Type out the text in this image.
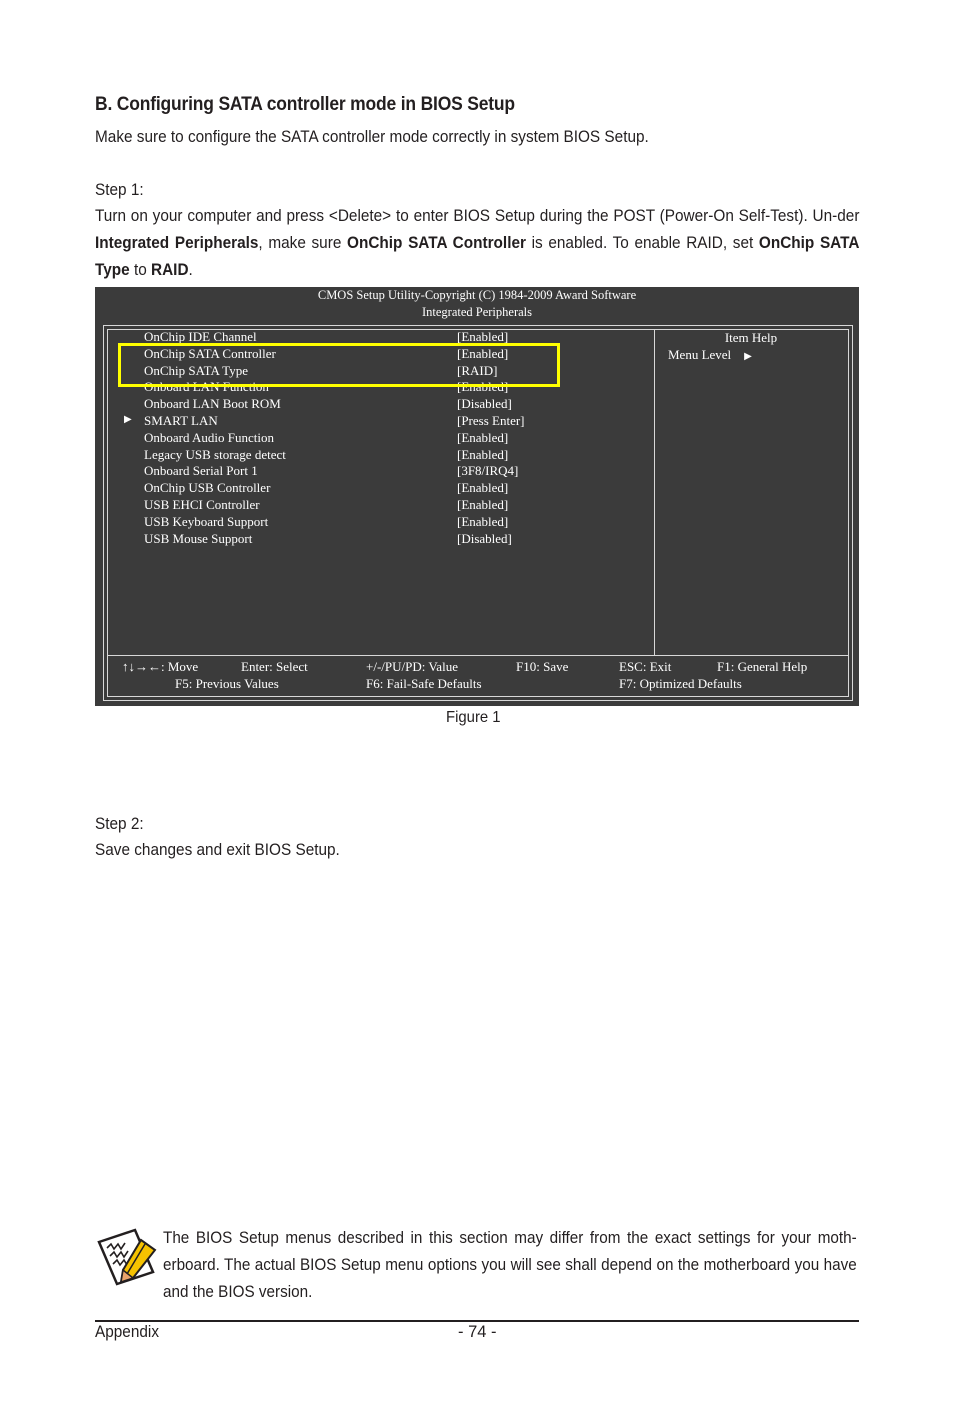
B. Configuring SATA controller mode in BIOS Setup
Make sure to configure the SATA controller mode correctly in system BIOS Setup.
Step 1:
Turn on your computer and press <Delete> to enter BIOS Setup during the POST (Power-On Self-Test). Un-der Integrated Peripherals, make sure OnChip SATA Controller is enabled. To enable RAID, set OnChip SATA Type to RAID.
CMOS Setup Utility-Copyright (C) 1984-2009 Award Software
Integrated Peripherals
OnChip IDE Channel	[Enabled]
OnChip SATA Controller	[Enabled]
OnChip SATA Type	[RAID]
Onboard LAN Function	[Enabled]
Onboard LAN Boot ROM	[Disabled]
▶ SMART LAN	[Press Enter]
Onboard Audio Function	[Enabled]
Legacy USB storage detect	[Enabled]
Onboard Serial Port 1	[3F8/IRQ4]
OnChip USB Controller	[Enabled]
USB EHCI Controller	[Enabled]
USB Keyboard Support	[Enabled]
USB Mouse Support	[Disabled]
Item Help
Menu Level ▶
↑↓→←: Move	Enter: Select	+/-/PU/PD: Value	F10: Save	ESC: Exit	F1: General Help
F5: Previous Values	F6: Fail-Safe Defaults	F7: Optimized Defaults
Figure 1
Step 2:
Save changes and exit BIOS Setup.
The BIOS Setup menus described in this section may differ from the exact settings for your moth-erboard. The actual BIOS Setup menu options you will see shall depend on the motherboard you have and the BIOS version.
Appendix	- 74 -
